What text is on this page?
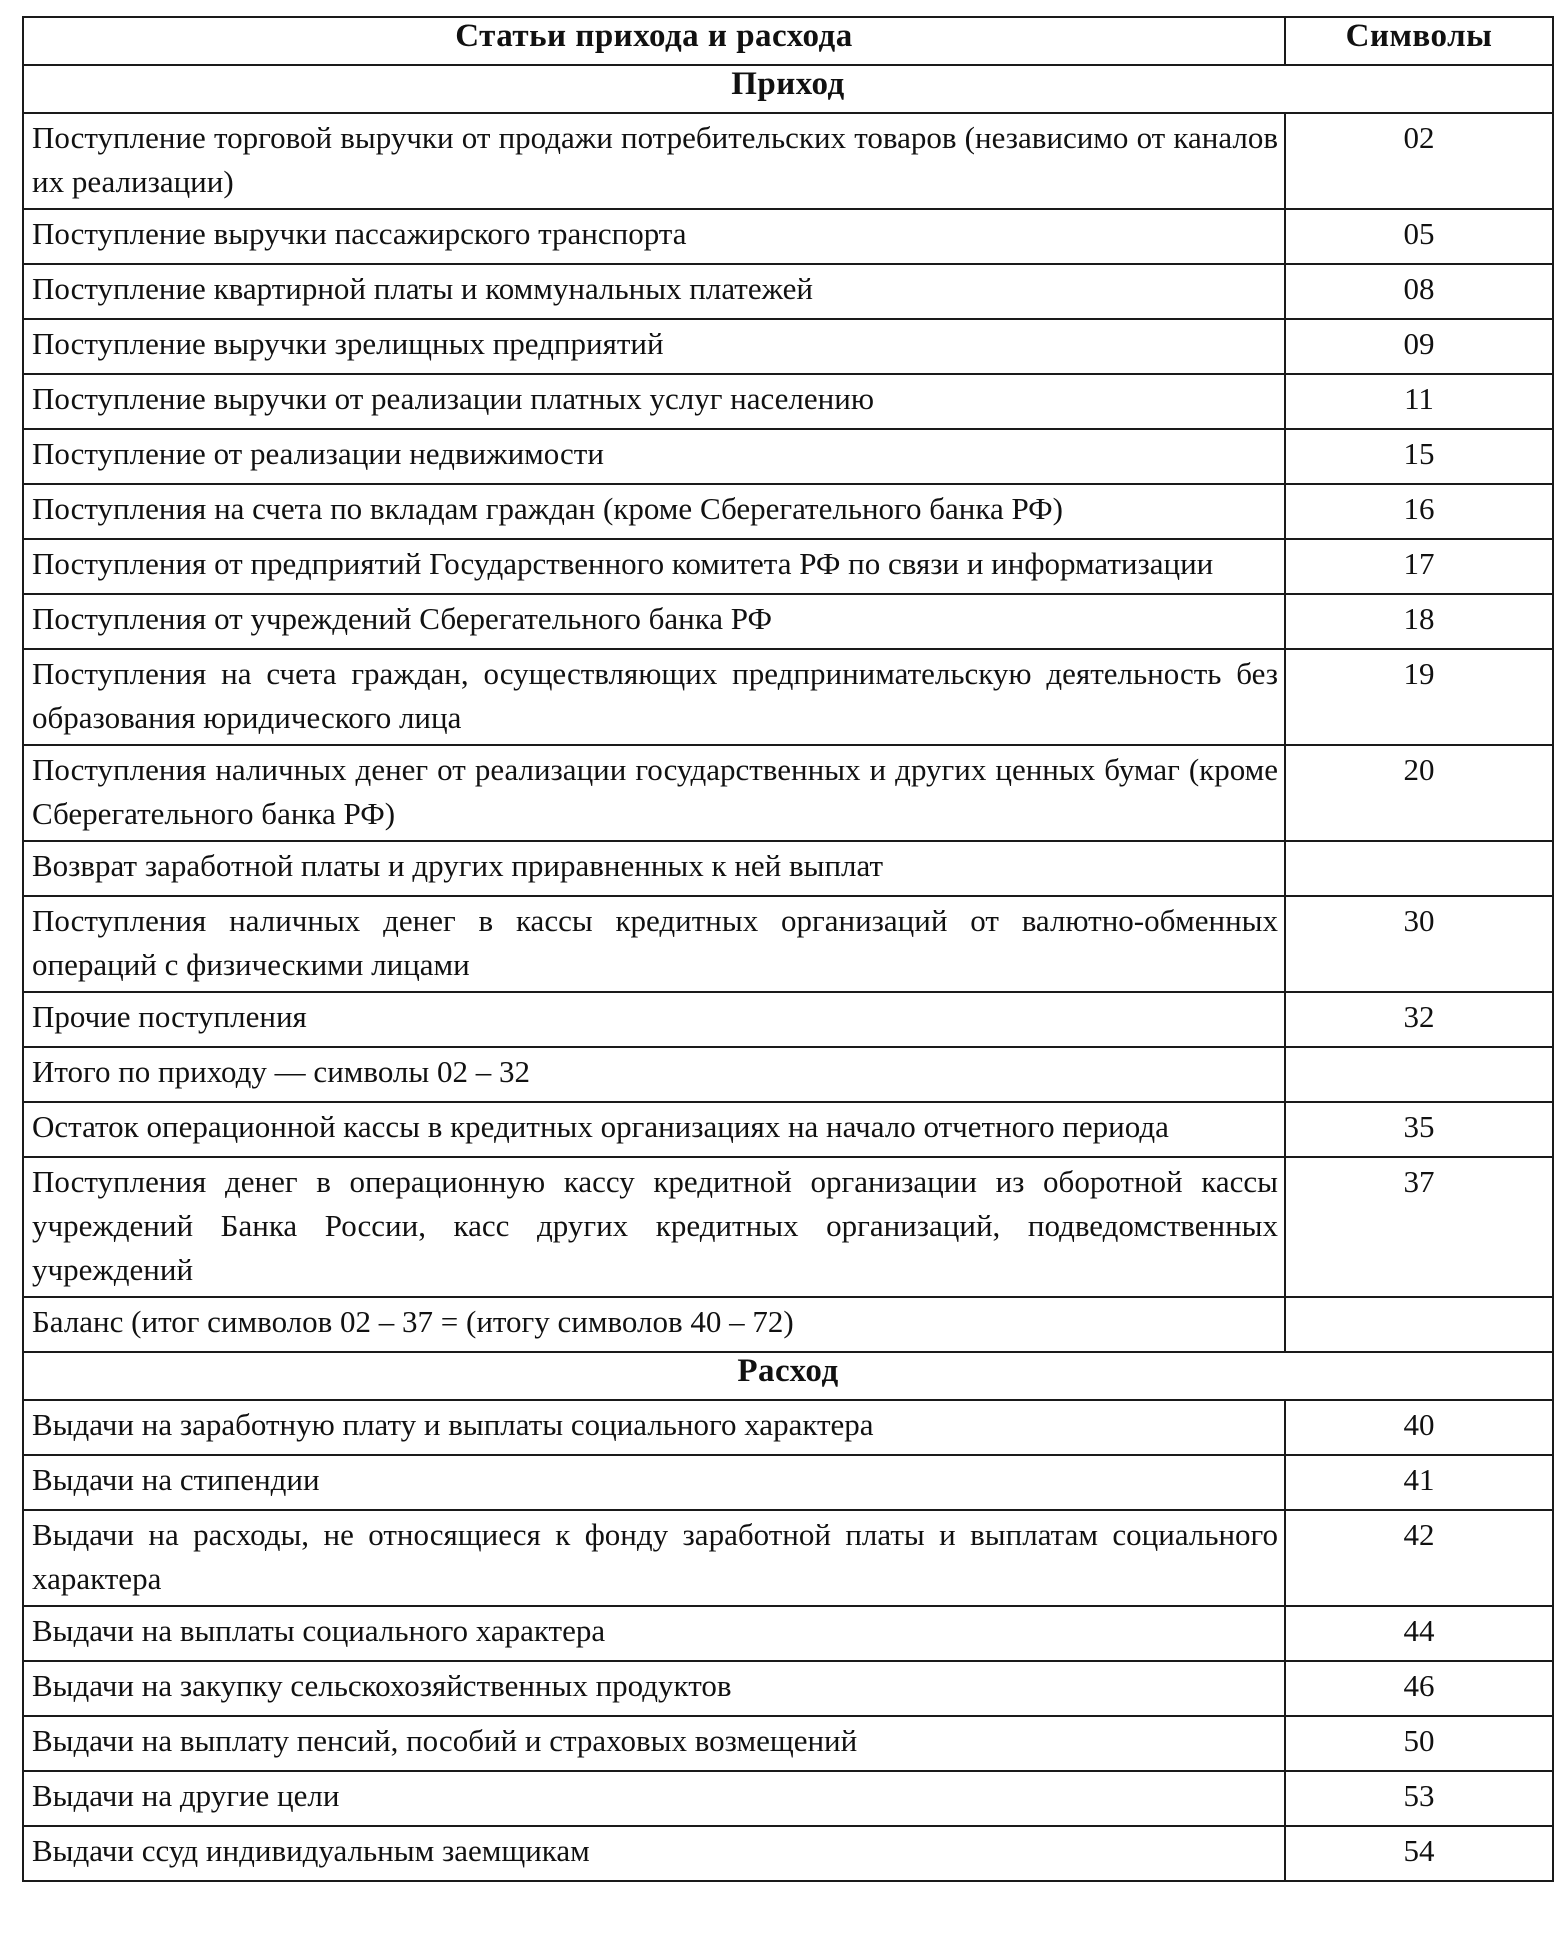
Статьи прихода и расхода	Символы
Приход	
Поступление торговой выручки от продажи потребительских товаров (независимо от каналов их реализации)	02
Поступление выручки пассажирского транспорта	05
Поступление квартирной платы и коммунальных платежей	08
Поступление выручки зрелищных предприятий	09
Поступление выручки от реализации платных услуг населению	11
Поступление от реализации недвижимости	15
Поступления на счета по вкладам граждан (кроме Сберегательного банка РФ)	16
Поступления от предприятий Государственного комитета РФ по связи и информатизации	17
Поступления от учреждений Сберегательного банка РФ	18
Поступления на счета граждан, осуществляющих предпринимательскую деятельность без образования юридического лица	19
Поступления наличных денег от реализации государственных и других ценных бумаг (кроме Сберегательного банка РФ)	20
Возврат заработной платы и других приравненных к ней выплат	
Поступления наличных денег в кассы кредитных организаций от валютно-обменных операций с физическими лицами	30
Прочие поступления	32
Итого по приходу — символы 02 – 32	
Остаток операционной кассы в кредитных организациях на начало отчетного периода	35
Поступления денег в операционную кассу кредитной организации из оборотной кассы учреждений Банка России, касс других кредитных организаций, подведомственных учреждений	37
Баланс (итог символов 02 – 37 = (итогу символов 40 – 72)	
Расход	
Выдачи на заработную плату и выплаты социального характера	40
Выдачи на стипендии	41
Выдачи на расходы, не относящиеся к фонду заработной платы и выплатам социального характера	42
Выдачи на выплаты социального характера	44
Выдачи на закупку сельскохозяйственных продуктов	46
Выдачи на выплату пенсий, пособий и страховых возмещений	50
Выдачи на другие цели	53
Выдачи ссуд индивидуальным заемщикам	54
